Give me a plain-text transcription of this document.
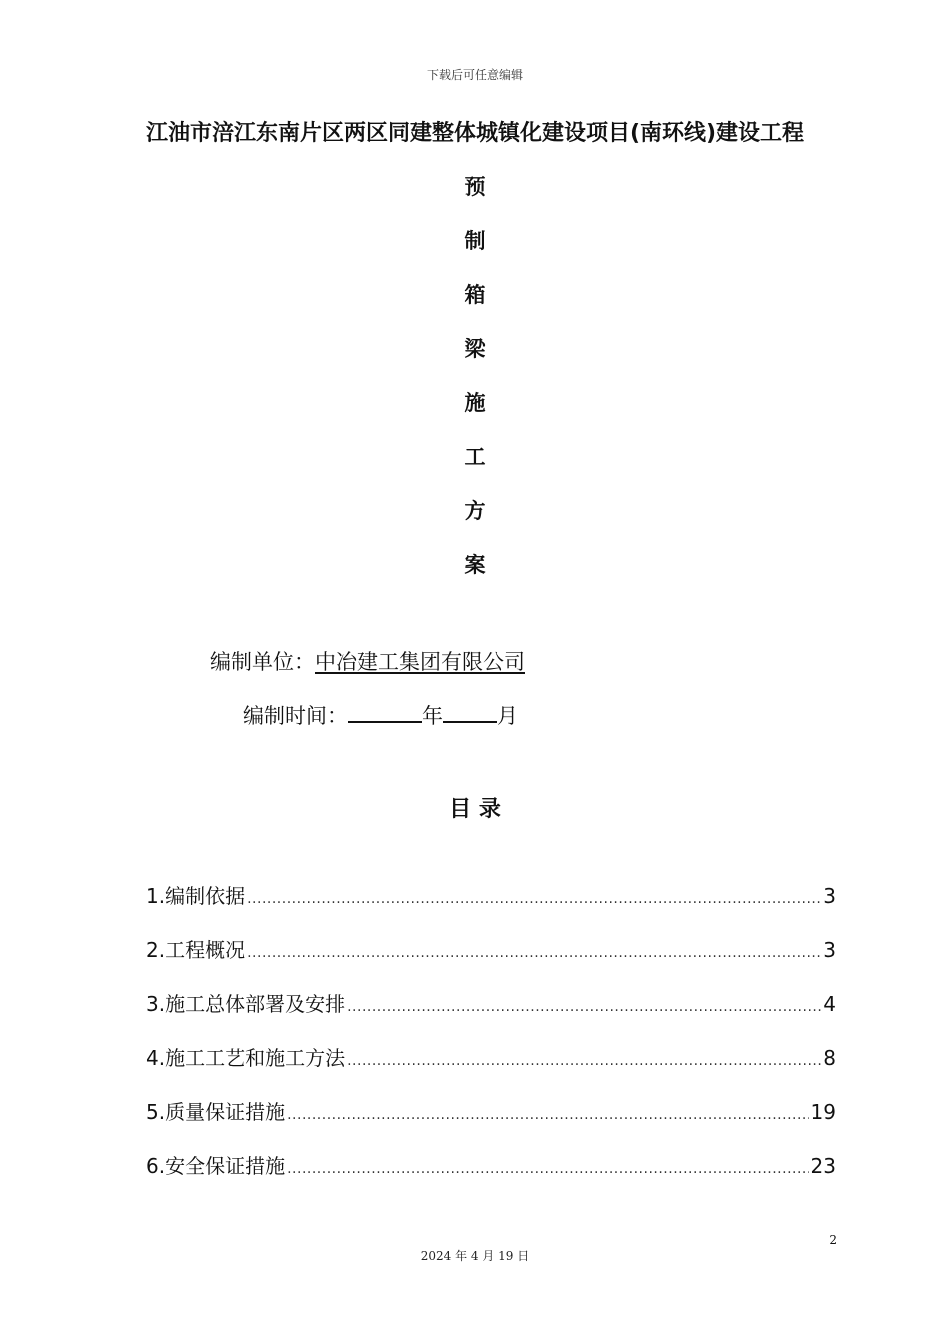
下载后可任意编辑
江油市涪江东南片区两区同建整体城镇化建设项目(南环线)建设工程
预
制
箱
梁
施
工
方
案
编制单位：中冶建工集团有限公司
编制时间：	年	月
目 录
1.编制依据 .....	3
2.工程概况 .....	3
3.施工总体部署及安排 .....	4
4.施工工艺和施工方法 .....	8
5.质量保证措施 .....	19
6.安全保证措施 .....	23
2
2024 年 4 月 19 日
